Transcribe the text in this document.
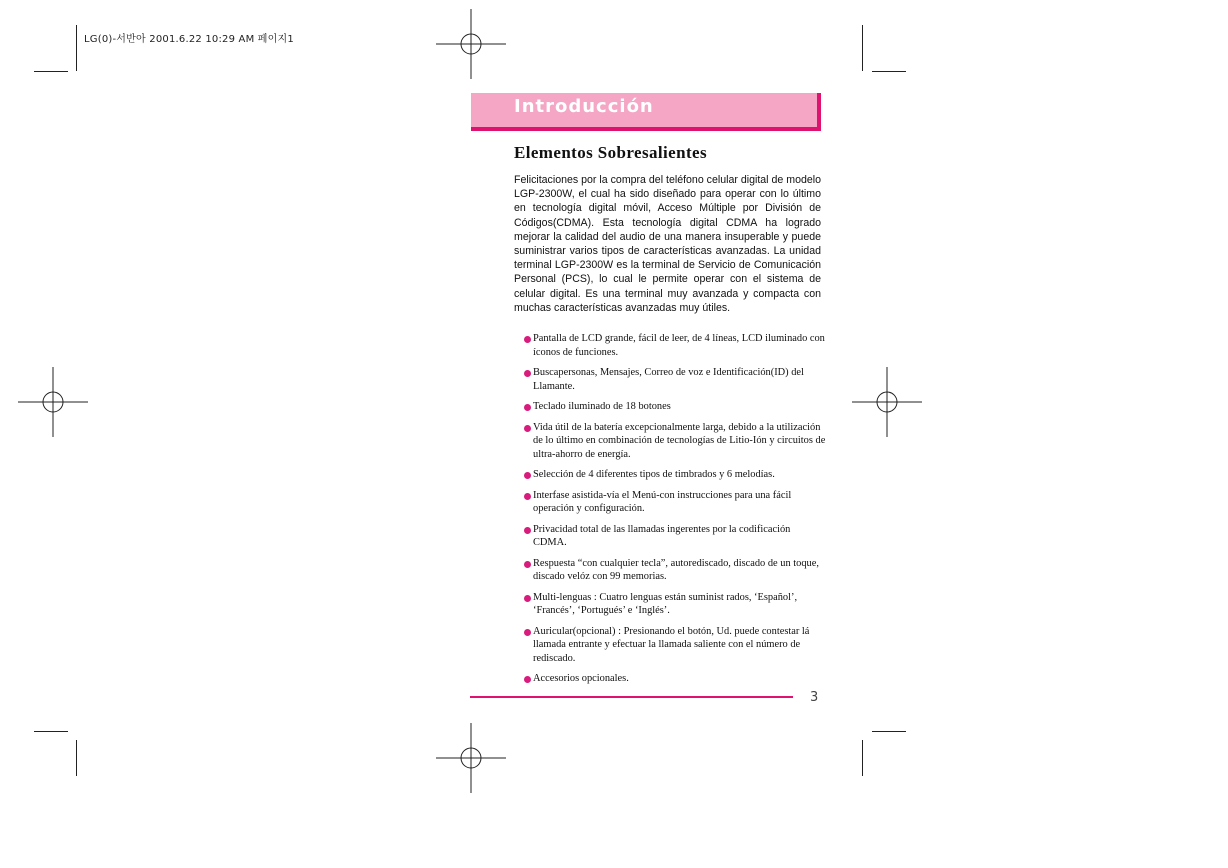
LG(0)-서반아 2001.6.22 10:29 AM 페이지1
Introducción
Elementos Sobresalientes
Felicitaciones por la compra del teléfono celular digital de modelo LGP-2300W, el cual ha sido diseñado para operar con lo último en tecnología digital móvil, Acceso Múltiple por División de Códigos(CDMA). Esta tecnología digital CDMA ha logrado mejorar la calidad del audio de una manera insuperable y puede suministrar varios tipos de características avanzadas. La unidad terminal LGP-2300W es la terminal de Servicio de Comunicación Personal (PCS), lo cual le permite operar con el sistema de celular digital. Es una terminal muy avanzada y compacta con muchas características avanzadas muy útiles.
Pantalla de LCD grande, fácil de leer, de 4 líneas, LCD iluminado con íconos de funciones.
Buscapersonas, Mensajes, Correo de voz e Identificación(ID) del Llamante.
Teclado iluminado de 18 botones
Vida útil de la batería excepcionalmente larga, debido a la utilización de lo último en combinación de tecnologías de Litio-Ión y circuitos de ultra-ahorro de energía.
Selección de 4 diferentes tipos de timbrados y 6 melodías.
Interfase asistida-vía el Menú-con instrucciones para una fácil operación y configuración.
Privacidad total de las llamadas ingerentes por la codificación CDMA.
Respuesta “con cualquier tecla”, autorediscado, discado de un toque, discado velóz con 99 memorias.
Multi-lenguas : Cuatro lenguas están suminist rados, ‘Español’, ‘Francés’, ‘Portugués’ e ‘Inglés’.
Auricular(opcional) : Presionando el botón, Ud. puede contestar lá llamada entrante y efectuar la llamada saliente con el número de rediscado.
Accesorios opcionales.
3
